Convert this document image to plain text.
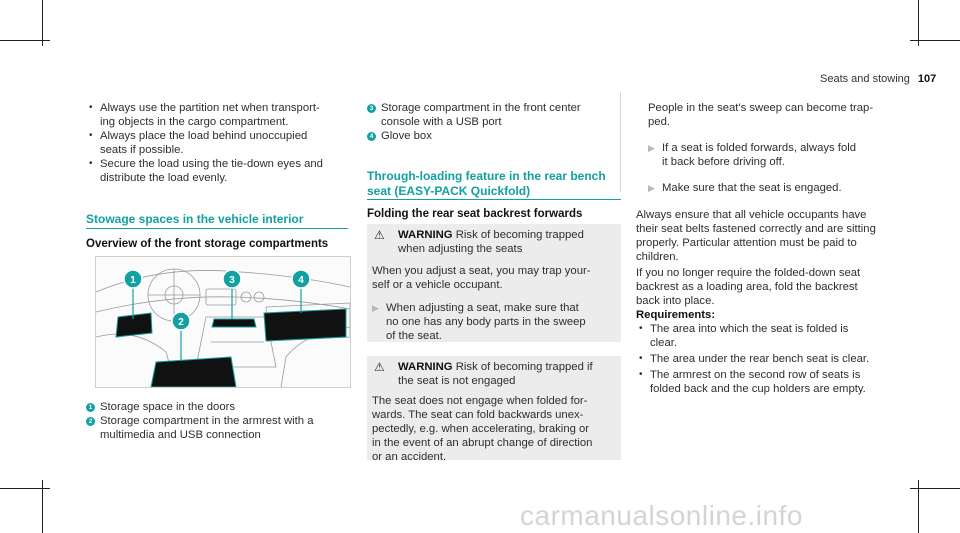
Seats and stowing 107
• Always use the partition net when transport-
ing objects in the cargo compartment.
• Always place the load behind unoccupied
seats if possible.
• Secure the load using the tie-down eyes and
distribute the load evenly.
Stowage spaces in the vehicle interior
Overview of the front storage compartments
1
2
3	4
1 Storage space in the doors
2 Storage compartment in the armrest with a
multimedia and USB connection
3 Storage compartment in the front center
console with a USB port
4 Glove box
Through-loading feature in the rear bench
seat (EASY-PACK Quickfold)
Folding the rear seat backrest forwards
⚠ WARNING Risk of becoming trapped
when adjusting the seats
When you adjust a seat, you may trap your-
self or a vehicle occupant.
▶ When adjusting a seat, make sure that
no one has any body parts in the sweep
of the seat.
⚠ WARNING Risk of becoming trapped if
the seat is not engaged
The seat does not engage when folded for-
wards. The seat can fold backwards unex-
pectedly, e.g. when accelerating, braking or
in the event of an abrupt change of direction
or an accident.
People in the seat's sweep can become trap-
ped.
▶ If a seat is folded forwards, always fold
it back before driving off.
▶ Make sure that the seat is engaged.
Always ensure that all vehicle occupants have
their seat belts fastened correctly and are sitting
properly. Particular attention must be paid to
children.
If you no longer require the folded-down seat
backrest as a loading area, fold the backrest
back into place.
Requirements:
• The area into which the seat is folded is
clear.
• The area under the rear bench seat is clear.
• The armrest on the second row of seats is
folded back and the cup holders are empty.
carmanualsonline.info
